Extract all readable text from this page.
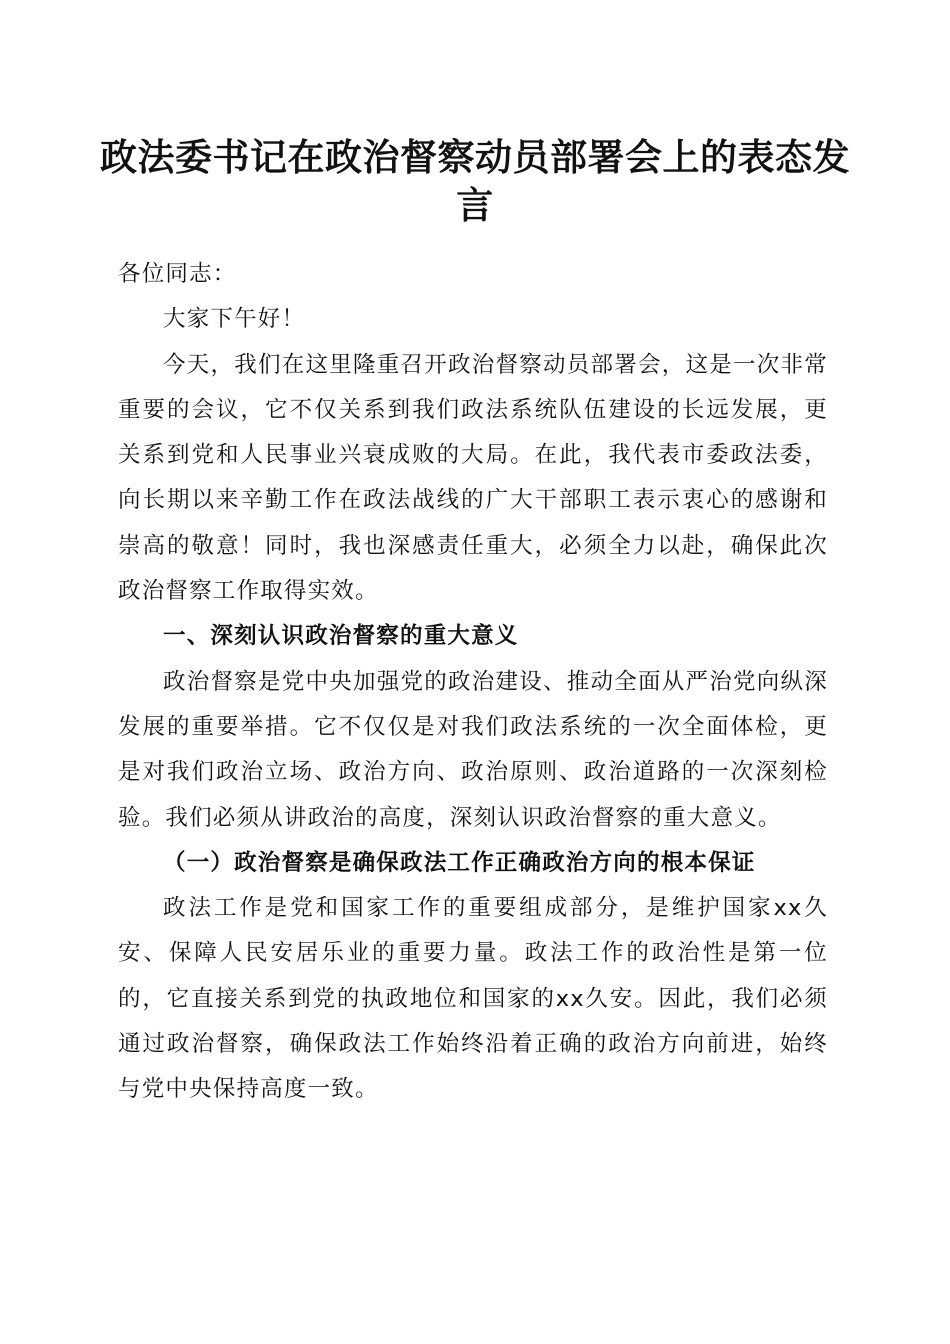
政法委书记在政治督察动员部署会上的表态发言

各位同志：

大家下午好！

今天，我们在这里隆重召开政治督察动员部署会，这是一次非常重要的会议，它不仅关系到我们政法系统队伍建设的长远发展，更关系到党和人民事业兴衰成败的大局。在此，我代表市委政法委，向长期以来辛勤工作在政法战线的广大干部职工表示衷心的感谢和崇高的敬意！同时，我也深感责任重大，必须全力以赴，确保此次政治督察工作取得实效。

一、深刻认识政治督察的重大意义

政治督察是党中央加强党的政治建设、推动全面从严治党向纵深发展的重要举措。它不仅仅是对我们政法系统的一次全面体检，更是对我们政治立场、政治方向、政治原则、政治道路的一次深刻检验。我们必须从讲政治的高度，深刻认识政治督察的重大意义。

（一）政治督察是确保政法工作正确政治方向的根本保证

政法工作是党和国家工作的重要组成部分，是维护国家xx久安、保障人民安居乐业的重要力量。政法工作的政治性是第一位的，它直接关系到党的执政地位和国家的xx久安。因此，我们必须通过政治督察，确保政法工作始终沿着正确的政治方向前进，始终与党中央保持高度一致。
